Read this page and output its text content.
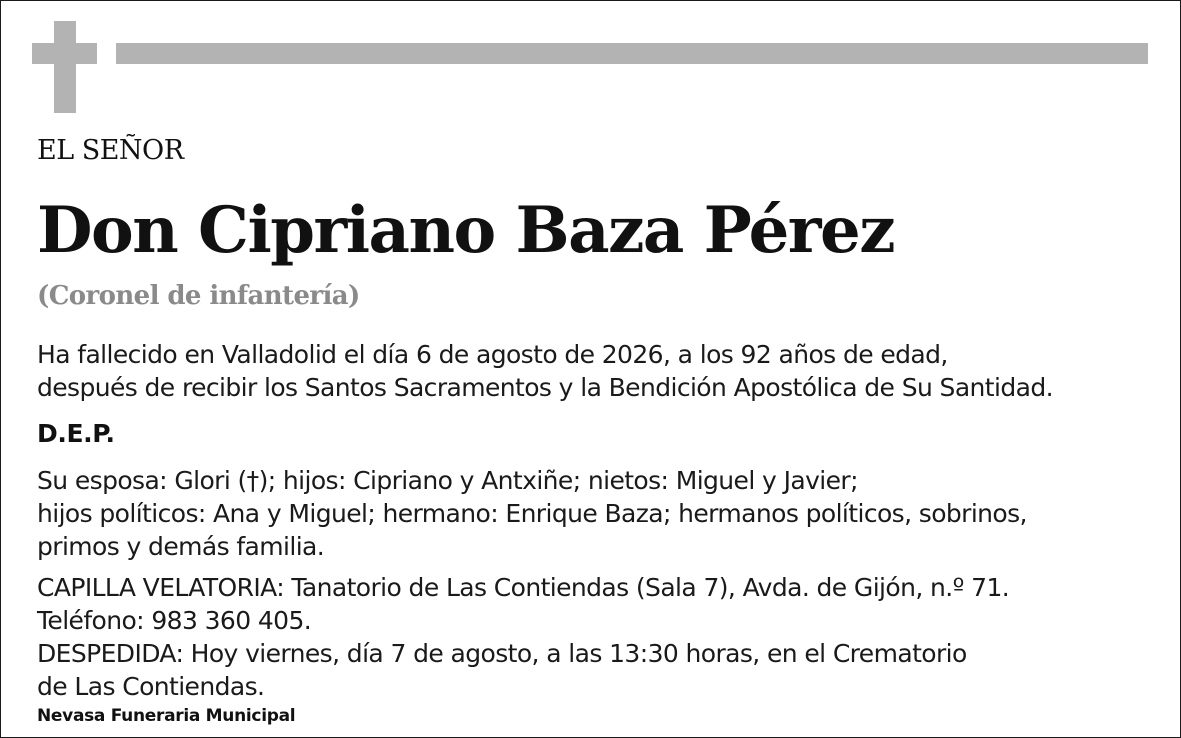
EL SEÑOR

Don Cipriano Baza Pérez

(Coronel de infantería)

Ha fallecido en Valladolid el día 6 de agosto de 2026, a los 92 años de edad,
después de recibir los Santos Sacramentos y la Bendición Apostólica de Su Santidad.

D.E.P.

Su esposa: Glori (†); hijos: Cipriano y Antxiñe; nietos: Miguel y Javier;
hijos políticos: Ana y Miguel; hermano: Enrique Baza; hermanos políticos, sobrinos,
primos y demás familia.
CAPILLA VELATORIA: Tanatorio de Las Contiendas (Sala 7), Avda. de Gijón, n.º 71.
Teléfono: 983 360 405.
DESPEDIDA: Hoy viernes, día 7 de agosto, a las 13:30 horas, en el Crematorio
de Las Contiendas.

Nevasa Funeraria Municipal
